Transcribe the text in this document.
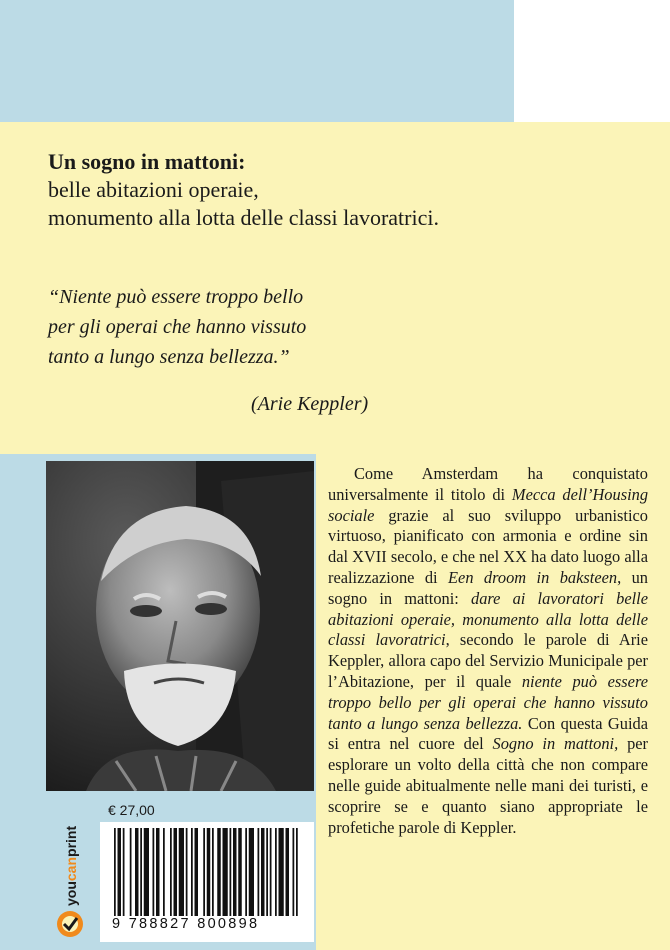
Un sogno in mattoni:
belle abitazioni operaie,
monumento alla lotta delle classi lavoratrici.
“Niente può essere troppo bello
per gli operai che hanno vissuto
tanto a lungo senza bellezza.”
(Arie Keppler)
Come Amsterdam ha conquistato universalmente il titolo di Mecca dell’Housing sociale grazie al suo sviluppo urbanistico virtuoso, pianificato con armonia e ordine sin dal XVII secolo, e che nel XX ha dato luogo alla realizzazione di Een droom in baksteen, un sogno in mattoni: dare ai lavoratori belle abitazioni operaie, monumento alla lotta delle classi lavoratrici, secondo le parole di Arie Keppler, allora capo del Servizio Municipale per l’Abitazione, per il quale niente può essere troppo bello per gli operai che hanno vissuto tanto a lungo senza bellezza. Con questa Guida si entra nel cuore del Sogno in mattoni, per esplorare un volto della città che non compare nelle guide abitualmente nelle mani dei turisti, e scoprire se e quanto siano appropriate le profetiche parole di Keppler.
€ 27,00
youcanprint
9 788827 800898
